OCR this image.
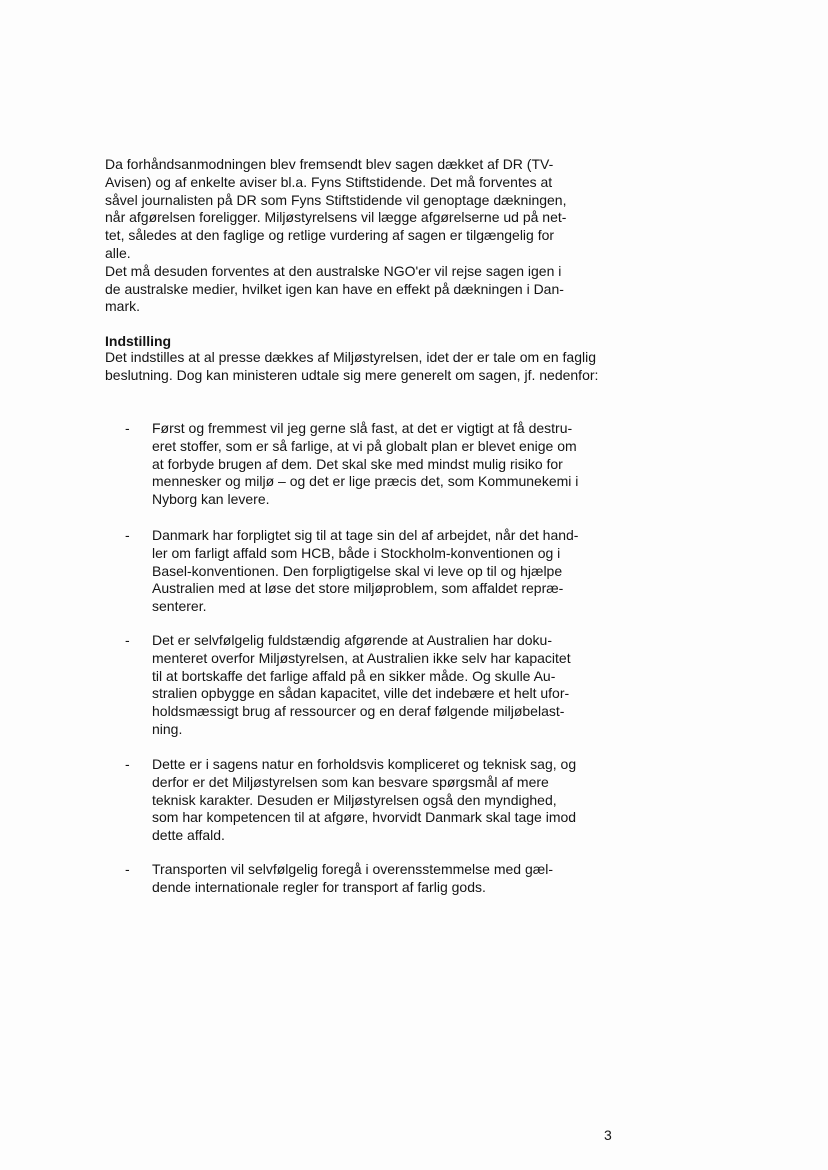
Da forhåndsanmodningen blev fremsendt blev sagen dækket af DR (TV-
Avisen) og af enkelte aviser bl.a. Fyns Stiftstidende. Det må forventes at
såvel journalisten på DR som Fyns Stiftstidende vil genoptage dækningen,
når afgørelsen foreligger. Miljøstyrelsens vil lægge afgørelserne ud på net-
tet, således at den faglige og retlige vurdering af sagen er tilgængelig for
alle.
Det må desuden forventes at den australske NGO'er vil rejse sagen igen i
de australske medier, hvilket igen kan have en effekt på dækningen i Dan-
mark.
Indstilling
Det indstilles at al presse dækkes af Miljøstyrelsen, idet der er tale om en faglig beslutning. Dog kan ministeren udtale sig mere generelt om sagen, jf. nedenfor:
-	Først og fremmest vil jeg gerne slå fast, at det er vigtigt at få destru-
eret stoffer, som er så farlige, at vi på globalt plan er blevet enige om
at forbyde brugen af dem. Det skal ske med mindst mulig risiko for
mennesker og miljø – og det er lige præcis det, som Kommunekemi i
Nyborg kan levere.
-	Danmark har forpligtet sig til at tage sin del af arbejdet, når det hand-
ler om farligt affald som HCB, både i Stockholm-konventionen og i
Basel-konventionen. Den forpligtigelse skal vi leve op til og hjælpe
Australien med at løse det store miljøproblem, som affaldet repræ-
senterer.
-	Det er selvfølgelig fuldstændig afgørende at Australien har doku-
menteret overfor Miljøstyrelsen, at Australien ikke selv har kapacitet
til at bortskaffe det farlige affald på en sikker måde. Og skulle Au-
stralien opbygge en sådan kapacitet, ville det indebære et helt ufor-
holdsmæssigt brug af ressourcer og en deraf følgende miljøbelast-
ning.
-	Dette er i sagens natur en forholdsvis kompliceret og teknisk sag, og
derfor er det Miljøstyrelsen som kan besvare spørgsmål af mere
teknisk karakter. Desuden er Miljøstyrelsen også den myndighed,
som har kompetencen til at afgøre, hvorvidt Danmark skal tage imod
dette affald.
-	Transporten vil selvfølgelig foregå i overensstemmelse med gæl-
dende internationale regler for transport af farlig gods.
3
